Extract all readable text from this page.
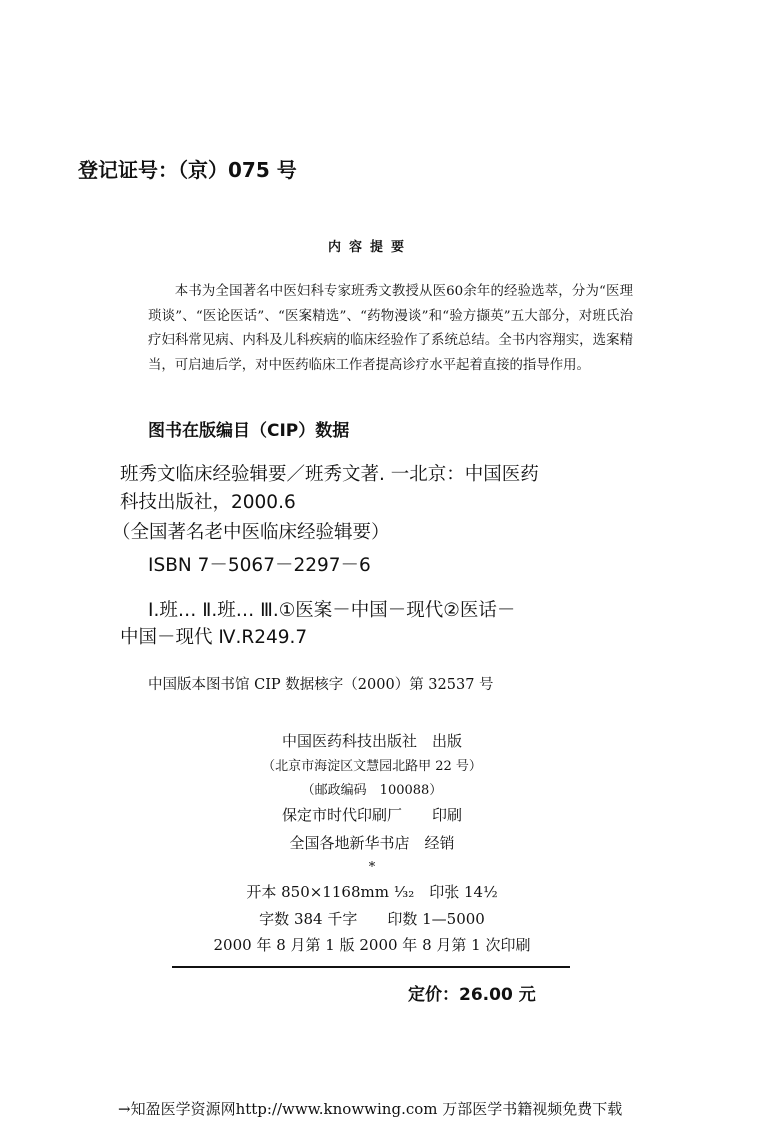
登记证号：（京）075 号
内容提要
本书为全国著名中医妇科专家班秀文教授从医60余年的经验选萃，分为“医理琐谈”、“医论医话”、“医案精选”、“药物漫谈”和“验方撷英”五大部分，对班氏治疗妇科常见病、内科及儿科疾病的临床经验作了系统总结。全书内容翔实，选案精当，可启迪后学，对中医药临床工作者提高诊疗水平起着直接的指导作用。
图书在版编目（CIP）数据
班秀文临床经验辑要／班秀文著. 一北京：中国医药
科技出版社，2000.6
（全国著名老中医临床经验辑要）
ISBN 7－5067－2297－6
Ⅰ.班… Ⅱ.班… Ⅲ.①医案－中国－现代②医话－
中国－现代 Ⅳ.R249.7
中国版本图书馆 CIP 数据核字（2000）第 32537 号
中国医药科技出版社　出版
（北京市海淀区文慧园北路甲 22 号）
（邮政编码　100088）
保定市时代印刷厂　　印刷
全国各地新华书店　经销
*
开本 850×1168mm ¹⁄₃₂　印张 14½
字数 384 千字　　印数 1—5000
2000 年 8 月第 1 版 2000 年 8 月第 1 次印刷
定价：26.00 元
→知盈医学资源网http://www.knowwing.com 万部医学书籍视频免费下载
